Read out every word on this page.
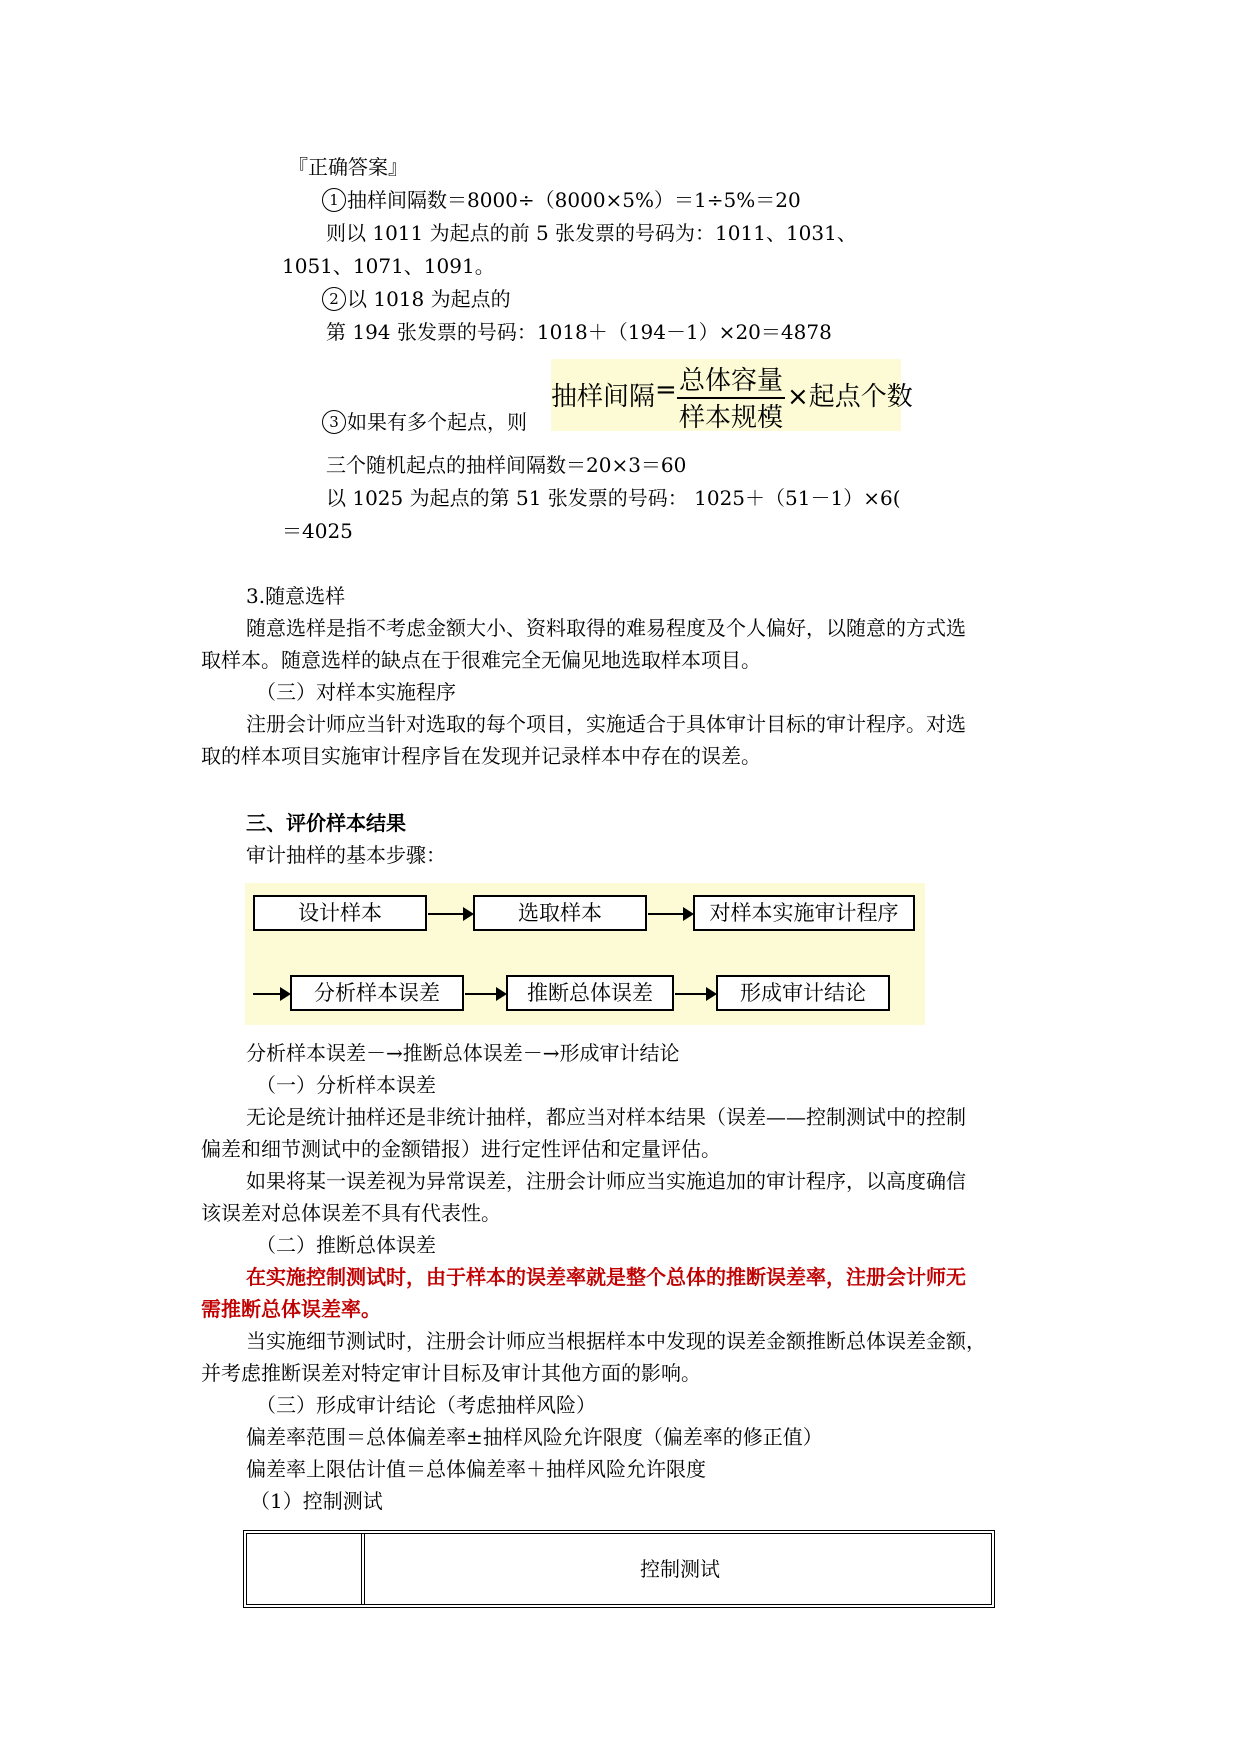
『正确答案』
1 抽样间隔数＝8000÷（8000×5%）＝1÷5%＝20
则以 1011 为起点的前 5 张发票的号码为：1011、1031、
1051、1071、1091。
2 以 1018 为起点的
第 194 张发票的号码：1018＋（194－1）×20＝4878
抽样间隔 = 总体容量
样本规模
×起点个数
3 如果有多个起点，则
三个随机起点的抽样间隔数＝20×3＝60
以 1025 为起点的第 51 张发票的号码： 1025＋（51－1）×6(
＝4025
3.随意选样
随意选样是指不考虑金额大小、资料取得的难易程度及个人偏好，以随意的方式选
取样本。随意选样的缺点在于很难完全无偏见地选取样本项目。
（三）对样本实施程序
注册会计师应当针对选取的每个项目，实施适合于具体审计目标的审计程序。对选
取的样本项目实施审计程序旨在发现并记录样本中存在的误差。
三、评价样本结果
审计抽样的基本步骤：
设计样本	选取样本	对样本实施审计程序
分析样本误差	推断总体误差	形成审计结论
分析样本误差－→推断总体误差－→形成审计结论
（一）分析样本误差
无论是统计抽样还是非统计抽样，都应当对样本结果（误差——控制测试中的控制
偏差和细节测试中的金额错报）进行定性评估和定量评估。
如果将某一误差视为异常误差，注册会计师应当实施追加的审计程序，以高度确信
该误差对总体误差不具有代表性。
（二）推断总体误差
在实施控制测试时，由于样本的误差率就是整个总体的推断误差率，注册会计师无
需推断总体误差率。
当实施细节测试时，注册会计师应当根据样本中发现的误差金额推断总体误差金额，
并考虑推断误差对特定审计目标及审计其他方面的影响。
（三）形成审计结论（考虑抽样风险）
偏差率范围＝总体偏差率±抽样风险允许限度（偏差率的修正值）
偏差率上限估计值＝总体偏差率＋抽样风险允许限度
（1）控制测试
控制测试
